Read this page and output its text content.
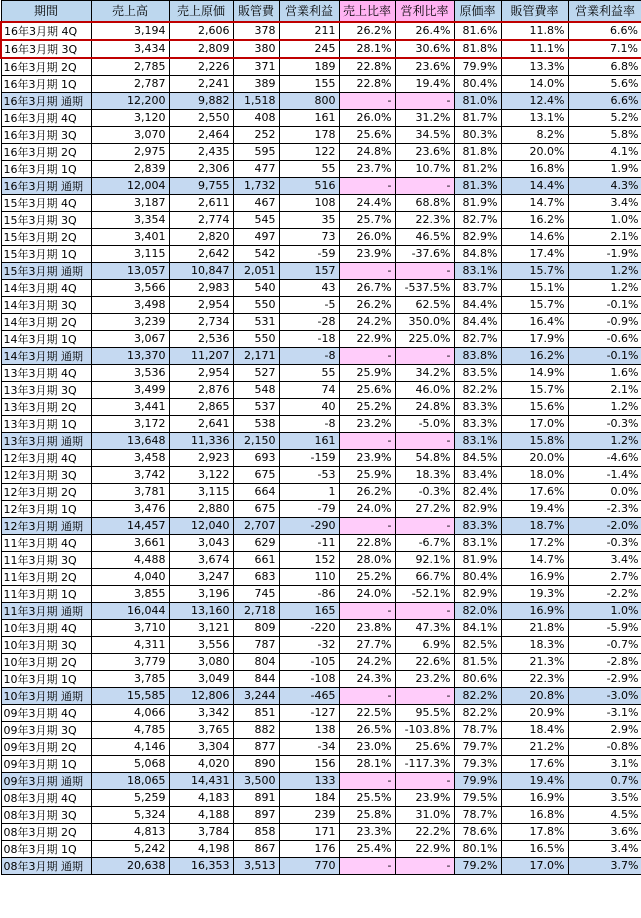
期間	売上高	売上原価	販管費	営業利益	売上比率	営利比率	原価率	販管費率	営業利益率
16年3月期 4Q	3,194	2,606	378	211	26.2%	26.4%	81.6%	11.8%	6.6%
16年3月期 3Q	3,434	2,809	380	245	28.1%	30.6%	81.8%	11.1%	7.1%
16年3月期 2Q	2,785	2,226	371	189	22.8%	23.6%	79.9%	13.3%	6.8%
16年3月期 1Q	2,787	2,241	389	155	22.8%	19.4%	80.4%	14.0%	5.6%
16年3月期 通期	12,200	9,882	1,518	800	-	-	81.0%	12.4%	6.6%
16年3月期 4Q	3,120	2,550	408	161	26.0%	31.2%	81.7%	13.1%	5.2%
16年3月期 3Q	3,070	2,464	252	178	25.6%	34.5%	80.3%	8.2%	5.8%
16年3月期 2Q	2,975	2,435	595	122	24.8%	23.6%	81.8%	20.0%	4.1%
16年3月期 1Q	2,839	2,306	477	55	23.7%	10.7%	81.2%	16.8%	1.9%
16年3月期 通期	12,004	9,755	1,732	516	-	-	81.3%	14.4%	4.3%
15年3月期 4Q	3,187	2,611	467	108	24.4%	68.8%	81.9%	14.7%	3.4%
15年3月期 3Q	3,354	2,774	545	35	25.7%	22.3%	82.7%	16.2%	1.0%
15年3月期 2Q	3,401	2,820	497	73	26.0%	46.5%	82.9%	14.6%	2.1%
15年3月期 1Q	3,115	2,642	542	-59	23.9%	-37.6%	84.8%	17.4%	-1.9%
15年3月期 通期	13,057	10,847	2,051	157	-	-	83.1%	15.7%	1.2%
14年3月期 4Q	3,566	2,983	540	43	26.7%	-537.5%	83.7%	15.1%	1.2%
14年3月期 3Q	3,498	2,954	550	-5	26.2%	62.5%	84.4%	15.7%	-0.1%
14年3月期 2Q	3,239	2,734	531	-28	24.2%	350.0%	84.4%	16.4%	-0.9%
14年3月期 1Q	3,067	2,536	550	-18	22.9%	225.0%	82.7%	17.9%	-0.6%
14年3月期 通期	13,370	11,207	2,171	-8	-	-	83.8%	16.2%	-0.1%
13年3月期 4Q	3,536	2,954	527	55	25.9%	34.2%	83.5%	14.9%	1.6%
13年3月期 3Q	3,499	2,876	548	74	25.6%	46.0%	82.2%	15.7%	2.1%
13年3月期 2Q	3,441	2,865	537	40	25.2%	24.8%	83.3%	15.6%	1.2%
13年3月期 1Q	3,172	2,641	538	-8	23.2%	-5.0%	83.3%	17.0%	-0.3%
13年3月期 通期	13,648	11,336	2,150	161	-	-	83.1%	15.8%	1.2%
12年3月期 4Q	3,458	2,923	693	-159	23.9%	54.8%	84.5%	20.0%	-4.6%
12年3月期 3Q	3,742	3,122	675	-53	25.9%	18.3%	83.4%	18.0%	-1.4%
12年3月期 2Q	3,781	3,115	664	1	26.2%	-0.3%	82.4%	17.6%	0.0%
12年3月期 1Q	3,476	2,880	675	-79	24.0%	27.2%	82.9%	19.4%	-2.3%
12年3月期 通期	14,457	12,040	2,707	-290	-	-	83.3%	18.7%	-2.0%
11年3月期 4Q	3,661	3,043	629	-11	22.8%	-6.7%	83.1%	17.2%	-0.3%
11年3月期 3Q	4,488	3,674	661	152	28.0%	92.1%	81.9%	14.7%	3.4%
11年3月期 2Q	4,040	3,247	683	110	25.2%	66.7%	80.4%	16.9%	2.7%
11年3月期 1Q	3,855	3,196	745	-86	24.0%	-52.1%	82.9%	19.3%	-2.2%
11年3月期 通期	16,044	13,160	2,718	165	-	-	82.0%	16.9%	1.0%
10年3月期 4Q	3,710	3,121	809	-220	23.8%	47.3%	84.1%	21.8%	-5.9%
10年3月期 3Q	4,311	3,556	787	-32	27.7%	6.9%	82.5%	18.3%	-0.7%
10年3月期 2Q	3,779	3,080	804	-105	24.2%	22.6%	81.5%	21.3%	-2.8%
10年3月期 1Q	3,785	3,049	844	-108	24.3%	23.2%	80.6%	22.3%	-2.9%
10年3月期 通期	15,585	12,806	3,244	-465	-	-	82.2%	20.8%	-3.0%
09年3月期 4Q	4,066	3,342	851	-127	22.5%	95.5%	82.2%	20.9%	-3.1%
09年3月期 3Q	4,785	3,765	882	138	26.5%	-103.8%	78.7%	18.4%	2.9%
09年3月期 2Q	4,146	3,304	877	-34	23.0%	25.6%	79.7%	21.2%	-0.8%
09年3月期 1Q	5,068	4,020	890	156	28.1%	-117.3%	79.3%	17.6%	3.1%
09年3月期 通期	18,065	14,431	3,500	133	-	-	79.9%	19.4%	0.7%
08年3月期 4Q	5,259	4,183	891	184	25.5%	23.9%	79.5%	16.9%	3.5%
08年3月期 3Q	5,324	4,188	897	239	25.8%	31.0%	78.7%	16.8%	4.5%
08年3月期 2Q	4,813	3,784	858	171	23.3%	22.2%	78.6%	17.8%	3.6%
08年3月期 1Q	5,242	4,198	867	176	25.4%	22.9%	80.1%	16.5%	3.4%
08年3月期 通期	20,638	16,353	3,513	770	-	-	79.2%	17.0%	3.7%
